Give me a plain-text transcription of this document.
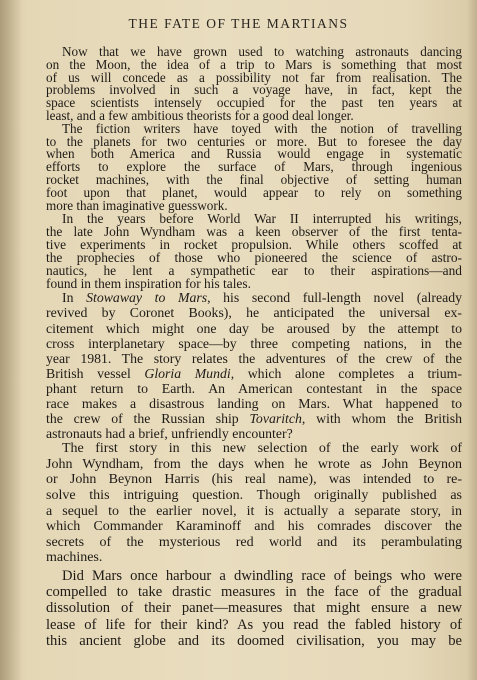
THE FATE OF THE MARTIANS
Now that we have grown used to watching astronauts dancing
on the Moon, the idea of a trip to Mars is something that most
of us will concede as a possibility not far from realisation. The
problems involved in such a voyage have, in fact, kept the
space scientists intensely occupied for the past ten years at
least, and a few ambitious theorists for a good deal longer.
The fiction writers have toyed with the notion of travelling
to the planets for two centuries or more. But to foresee the day
when both America and Russia would engage in systematic
efforts to explore the surface of Mars, through ingenious
rocket machines, with the final objective of setting human
foot upon that planet, would appear to rely on something
more than imaginative guesswork.
In the years before World War II interrupted his writings,
the late John Wyndham was a keen observer of the first tenta-
tive experiments in rocket propulsion. While others scoffed at
the prophecies of those who pioneered the science of astro-
nautics, he lent a sympathetic ear to their aspirations—and
found in them inspiration for his tales.
In Stowaway to Mars, his second full-length novel (already
revived by Coronet Books), he anticipated the universal ex-
citement which might one day be aroused by the attempt to
cross interplanetary space—by three competing nations, in the
year 1981. The story relates the adventures of the crew of the
British vessel Gloria Mundi, which alone completes a trium-
phant return to Earth. An American contestant in the space
race makes a disastrous landing on Mars. What happened to
the crew of the Russian ship Tovaritch, with whom the British
astronauts had a brief, unfriendly encounter?
The first story in this new selection of the early work of
John Wyndham, from the days when he wrote as John Beynon
or John Beynon Harris (his real name), was intended to re-
solve this intriguing question. Though originally published as
a sequel to the earlier novel, it is actually a separate story, in
which Commander Karaminoff and his comrades discover the
secrets of the mysterious red world and its perambulating
machines.
Did Mars once harbour a dwindling race of beings who were
compelled to take drastic measures in the face of the gradual
dissolution of their panet—measures that might ensure a new
lease of life for their kind? As you read the fabled history of
this ancient globe and its doomed civilisation, you may be
